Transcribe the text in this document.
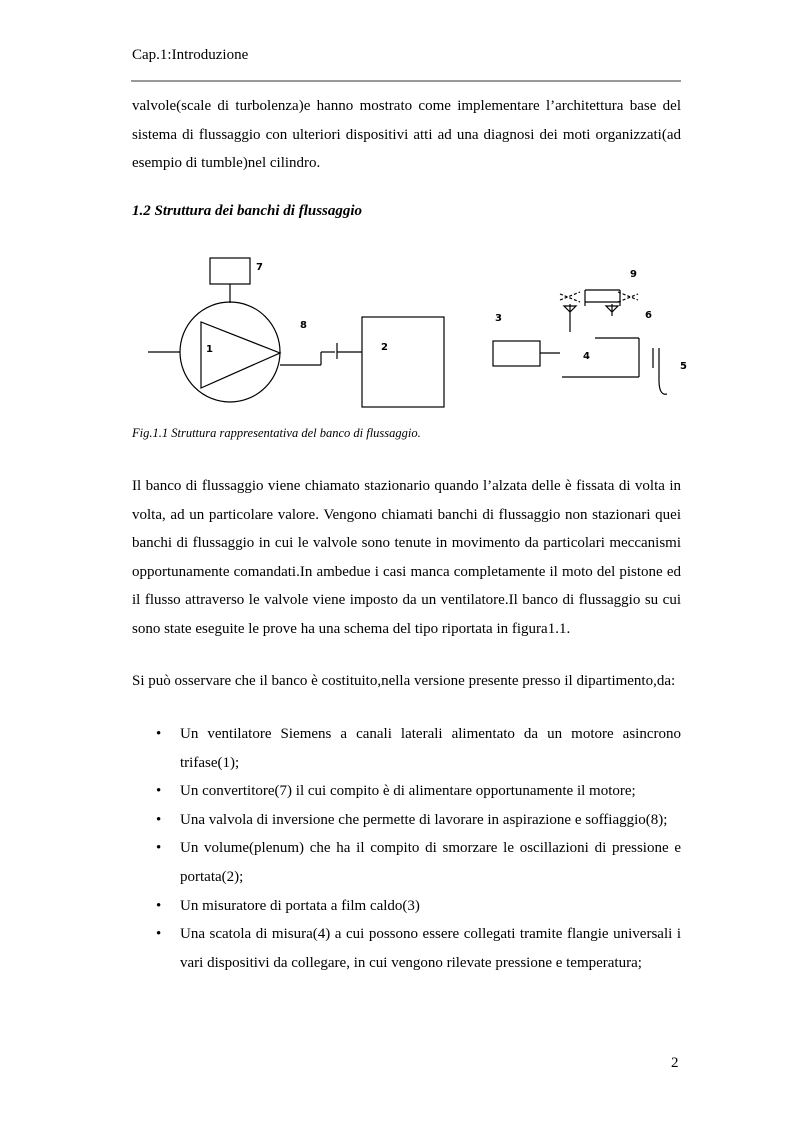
Cap.1:Introduzione

valvole(scale di turbolenza)e hanno mostrato come implementare l’architettura base del sistema di flussaggio con ulteriori dispositivi atti ad una diagnosi dei moti organizzati(ad esempio di tumble)nel cilindro.

1.2 Struttura dei banchi di flussaggio
7
1
8
2
3
4
5
6
9
Fig.1.1 Struttura rappresentativa del banco di flussaggio.

Il banco di flussaggio viene chiamato stazionario quando l’alzata delle è fissata di volta in volta, ad un particolare valore. Vengono chiamati banchi di flussaggio non stazionari quei banchi di flussaggio in cui le valvole sono tenute in movimento da particolari meccanismi opportunamente comandati.In ambedue i casi manca completamente il moto del pistone ed il flusso attraverso le valvole viene imposto da un ventilatore.Il banco di flussaggio su cui sono state eseguite le prove ha una schema del tipo riportata in figura1.1.

Si può osservare che il banco è costituito,nella versione presente presso il dipartimento,da:

• Un ventilatore Siemens a canali laterali alimentato da un motore asincrono trifase(1);
• Un convertitore(7) il cui compito è di alimentare opportunamente il motore;
• Una valvola di inversione che permette di lavorare in aspirazione e soffiaggio(8);
• Un volume(plenum) che ha il compito di smorzare le oscillazioni di pressione e portata(2);
• Un misuratore di portata a film caldo(3)
• Una scatola di misura(4) a cui possono essere collegati tramite flangie universali i vari dispositivi da collegare, in cui vengono rilevate pressione e temperatura;
2
